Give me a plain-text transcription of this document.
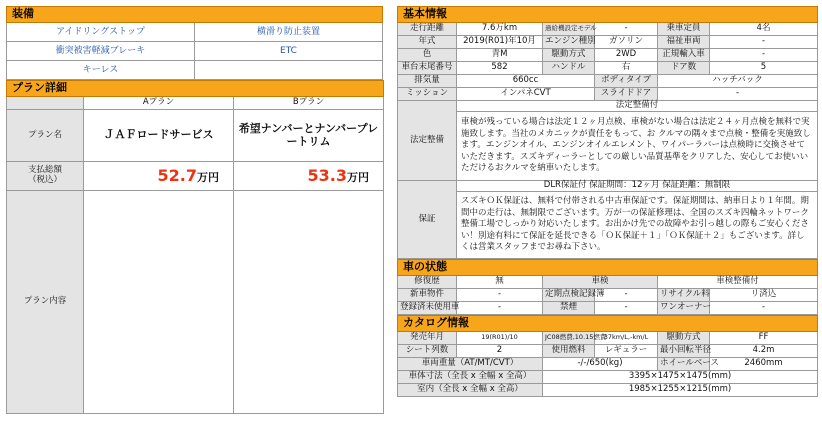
装備	
アイドリングストップ	横滑り防止装置
衝突被害軽減ブレーキ	ETC
キーレス	
プラン詳細		
	Aプラン	Bプラン
プラン名	ＪＡＦロードサービス	希望ナンバーとナンバープレートリム

支払総額
（税込）	52.7万円	53.3万円
プラン内容		

基本情報						
走行距離	7.6万km		過給機設定モデル	-	乗車定員	4名
年式	2019(R01)年10月		エンジン種別	ガソリン	福祉車両	-
色	青M		駆動方式	2WD	正規輸入車	-
車台末尾番号	582		ハンドル	右	ドア数	5
排気量	660cc			ボディタイプ	ハッチバック	
ミッション	インパネCVT			スライドドア	-	
法定整備	法定整備付					
	車検が残っている場合は法定１２ヶ月点検、車検がない場合は法定２４ヶ月点検を無料で実施致します。当社のメカニックが責任をもって、お クルマの隅々まで点検・整備を実施致します。エンジンオイル、エンジンオイルエレメント、ワイパーラバーは点検時に交換させていただきます。スズキディーラーとしての厳しい品質基準をクリアした、安心してお使いいただけるおクルマを納車いたします。					
保証	DLR保証付 保証期間：12ヶ月 保証距離：無制限					
	スズキＯＫ保証は、無料で付帯される中古車保証です。保証期間は、納車日より１年間。期間中の走行は、無制限でございます。万が一の保証修理は、全国のスズキ四輪ネットワーク整備工場でしっかり対応いたします。お出かけ先での故障やお引っ越しの際もご安心ください！別途有料にて保証を延長できる「ＯＫ保証＋１」「ＯＫ保証＋２」もございます。詳しくは営業スタッフまでお尋ね下さい。					

車の状態					
修復歴	無	車検		車検整備付	
新車物件	-	定期点検記録簿	-	リサイクル料	リ済込
登録済未使用車	-	禁煙	-	ワンオーナー	-

カタログ情報						
発売年月	19(R01)/10		JC08燃費,10.15燃費	37km/L,-km/L	駆動方式	FF
シート列数	2		使用燃料	レギュラー	最小回転半径	4.2m
車両重量（AT/MT/CVT）			-/-/650(kg)		ホイールベース	2460mm
車体寸法（全長 x 全幅 x 全高）			3395×1475×1475(mm)			
室内（全長 x 全幅 x 全高）			1985×1255×1215(mm)			
